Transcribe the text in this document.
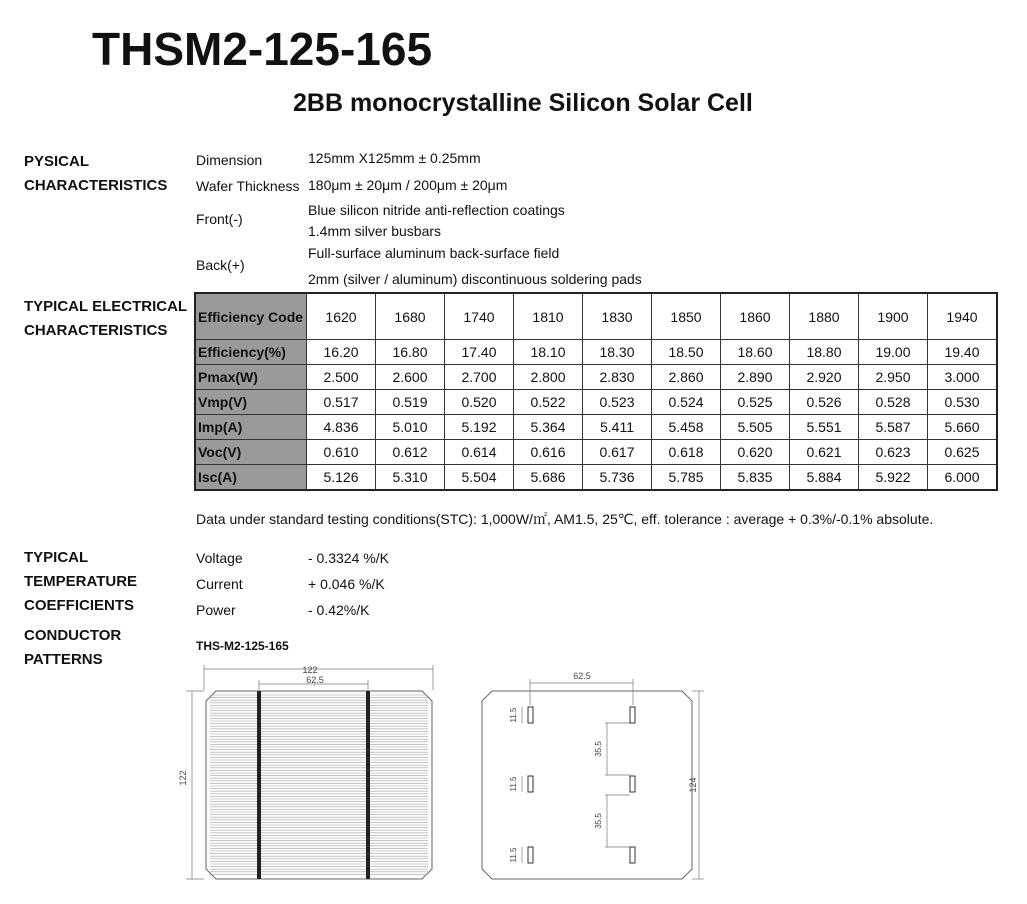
THSM2-125-165
2BB monocrystalline Silicon Solar Cell
PYSICAL
CHARACTERISTICS
Dimension	125mm X125mm ± 0.25mm
Wafer Thickness 180μm ± 20μm / 200μm ± 20μm
Front(-)
Blue silicon nitride anti-reflection coatings
1.4mm silver busbars
Back(+)
Full-surface aluminum back-surface field
2mm (silver / aluminum) discontinuous soldering pads
TYPICAL ELECTRICAL
CHARACTERISTICS
Efficiency Code	1620	1680	1740	1810	1830	1850	1860	1880	1900	1940
Efficiency(%)	16.20	16.80	17.40	18.10	18.30	18.50	18.60	18.80	19.00	19.40
Pmax(W)	2.500	2.600	2.700	2.800	2.830	2.860	2.890	2.920	2.950	3.000
Vmp(V)	0.517	0.519	0.520	0.522	0.523	0.524	0.525	0.526	0.528	0.530
Imp(A)	4.836	5.010	5.192	5.364	5.411	5.458	5.505	5.551	5.587	5.660
Voc(V)	0.610	0.612	0.614	0.616	0.617	0.618	0.620	0.621	0.623	0.625
Isc(A)	5.126	5.310	5.504	5.686	5.736	5.785	5.835	5.884	5.922	6.000
Data under standard testing conditions(STC): 1,000W/㎡, AM1.5, 25℃, eff. tolerance : average + 0.3%/-0.1% absolute.
TYPICAL
TEMPERATURE
COEFFICIENTS
Voltage	- 0.3324 %/K
Current	+ 0.046 %/K
Power	- 0.42%/K
CONDUCTOR
PATTERNS
THS-M2-125-165
122
62.5
122
62.5
11.5
11.5
11.5
35.5
35.5
124
